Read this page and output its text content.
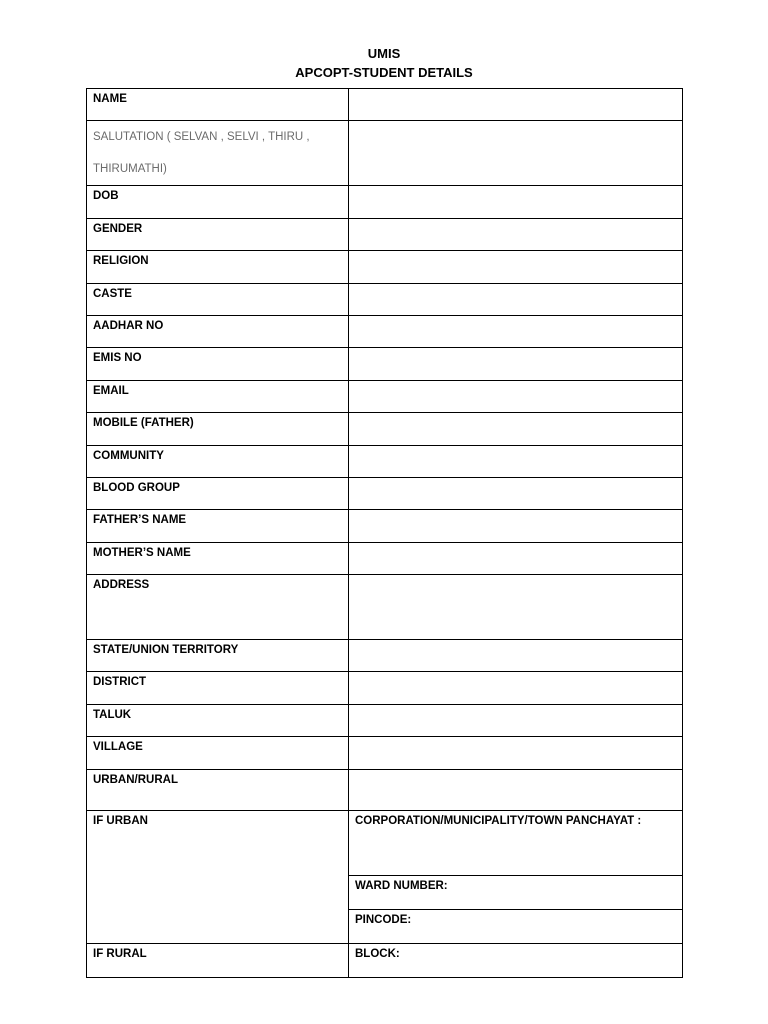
UMIS
APCOPT-STUDENT DETAILS
NAME	

SALUTATION ( SELVAN , SELVI , THIRU ,
THIRUMATHI)	

DOB	
GENDER	
RELIGION	
CASTE	
AADHAR NO	
EMIS NO	
EMAIL	
MOBILE (FATHER)	
COMMUNITY	
BLOOD GROUP	
FATHER’S NAME	
MOTHER’S NAME	
ADDRESS	
STATE/UNION TERRITORY	
DISTRICT	
TALUK	
VILLAGE	
URBAN/RURAL	
IF URBAN	CORPORATION/MUNICIPALITY/TOWN PANCHAYAT :
	WARD NUMBER:
	PINCODE:
IF RURAL	BLOCK:
